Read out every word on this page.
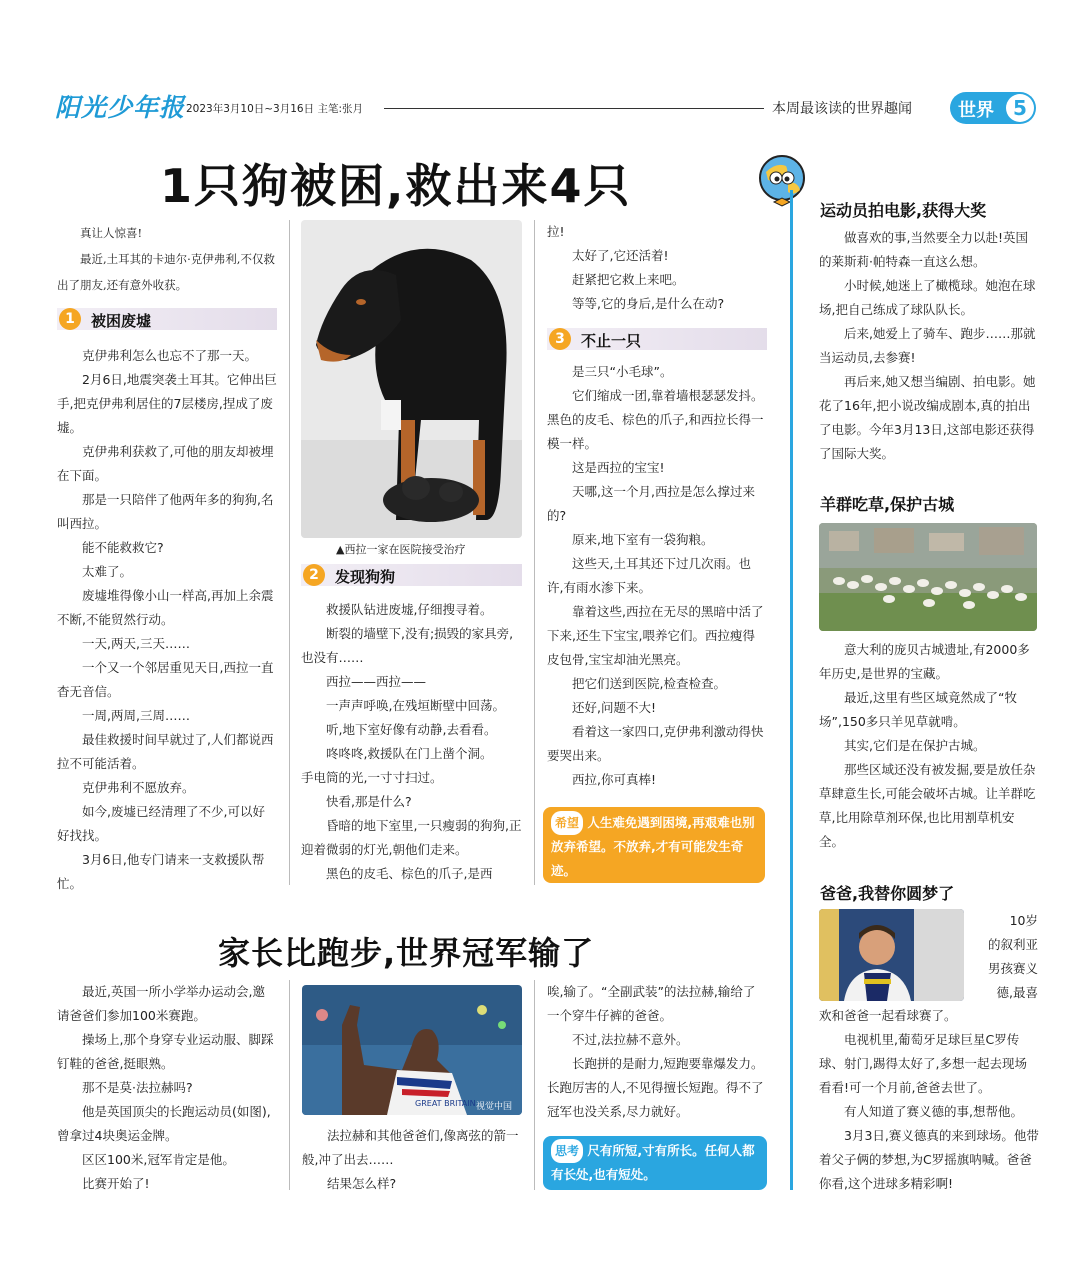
阳光少年报 2023年3月10日~3月16日 主笔:张月	本周最该读的世界趣闻	世界 5
1只狗被困,救出来4只

真让人惊喜!

最近,土耳其的卡迪尔·克伊弗利,不仅救出了朋友,还有意外收获。

1	被困废墟

克伊弗利怎么也忘不了那一天。

2月6日,地震突袭土耳其。它伸出巨手,把克伊弗利居住的7层楼房,捏成了废墟。

克伊弗利获救了,可他的朋友却被埋在下面。

那是一只陪伴了他两年多的狗狗,名叫西拉。

能不能救救它?

太难了。

废墟堆得像小山一样高,再加上余震不断,不能贸然行动。

一天,两天,三天……

一个又一个邻居重见天日,西拉一直杳无音信。

一周,两周,三周……

最佳救援时间早就过了,人们都说西拉不可能活着。

克伊弗利不愿放弃。

如今,废墟已经清理了不少,可以好好找找。

3月6日,他专门请来一支救援队帮忙。

▲西拉一家在医院接受治疗
2	发现狗狗

救援队钻进废墟,仔细搜寻着。

断裂的墙壁下,没有;损毁的家具旁,也没有……

西拉——西拉——

一声声呼唤,在残垣断壁中回荡。

听,地下室好像有动静,去看看。

咚咚咚,救援队在门上凿个洞。

手电筒的光,一寸寸扫过。

快看,那是什么?

昏暗的地下室里,一只瘦弱的狗狗,正迎着微弱的灯光,朝他们走来。

黑色的皮毛、棕色的爪子,是西

拉!

太好了,它还活着!

赶紧把它救上来吧。

等等,它的身后,是什么在动?

3	不止一只

是三只“小毛球”。

它们缩成一团,靠着墙根瑟瑟发抖。黑色的皮毛、棕色的爪子,和西拉长得一模一样。

这是西拉的宝宝!

天哪,这一个月,西拉是怎么撑过来的?

原来,地下室有一袋狗粮。

这些天,土耳其还下过几次雨。也许,有雨水渗下来。

靠着这些,西拉在无尽的黑暗中活了下来,还生下宝宝,喂养它们。西拉瘦得皮包骨,宝宝却油光黑亮。

把它们送到医院,检查检查。

还好,问题不大!

看着这一家四口,克伊弗利激动得快要哭出来。

西拉,你可真棒!

希望 人生难免遇到困境,再艰难也别放弃希望。不放弃,才有可能发生奇迹。
家长比跑步,世界冠军输了

最近,英国一所小学举办运动会,邀请爸爸们参加100米赛跑。

操场上,那个身穿专业运动服、脚踩钉鞋的爸爸,挺眼熟。

那不是莫·法拉赫吗?

他是英国顶尖的长跑运动员(如图),曾拿过4块奥运金牌。

区区100米,冠军肯定是他。

比赛开始了!

GREAT BRITAIN 视觉中国

法拉赫和其他爸爸们,像离弦的箭一般,冲了出去……

结果怎么样?

唉,输了。“全副武装”的法拉赫,输给了一个穿牛仔裤的爸爸。

不过,法拉赫不意外。

长跑拼的是耐力,短跑要靠爆发力。长跑厉害的人,不见得擅长短跑。得不了冠军也没关系,尽力就好。

思考 尺有所短,寸有所长。任何人都有长处,也有短处。
运动员拍电影,获得大奖

做喜欢的事,当然要全力以赴!英国的莱斯莉·帕特森一直这么想。

小时候,她迷上了橄榄球。她泡在球场,把自己练成了球队队长。

后来,她爱上了骑车、跑步……那就当运动员,去参赛!

再后来,她又想当编剧、拍电影。她花了16年,把小说改编成剧本,真的拍出了电影。今年3月13日,这部电影还获得了国际大奖。

羊群吃草,保护古城

意大利的庞贝古城遗址,有2000多年历史,是世界的宝藏。

最近,这里有些区域竟然成了“牧场”,150多只羊见草就啃。

其实,它们是在保护古城。

那些区域还没有被发掘,要是放任杂草肆意生长,可能会破坏古城。让羊群吃草,比用除草剂环保,也比用割草机安全。

爸爸,我替你圆梦了
10岁
的叙利亚
男孩赛义
德,最喜

欢和爸爸一起看球赛了。

电视机里,葡萄牙足球巨星C罗传球、射门,踢得太好了,多想一起去现场看看!可一个月前,爸爸去世了。

有人知道了赛义德的事,想帮他。

3月3日,赛义德真的来到球场。他带着父子俩的梦想,为C罗摇旗呐喊。爸爸你看,这个进球多精彩啊!
